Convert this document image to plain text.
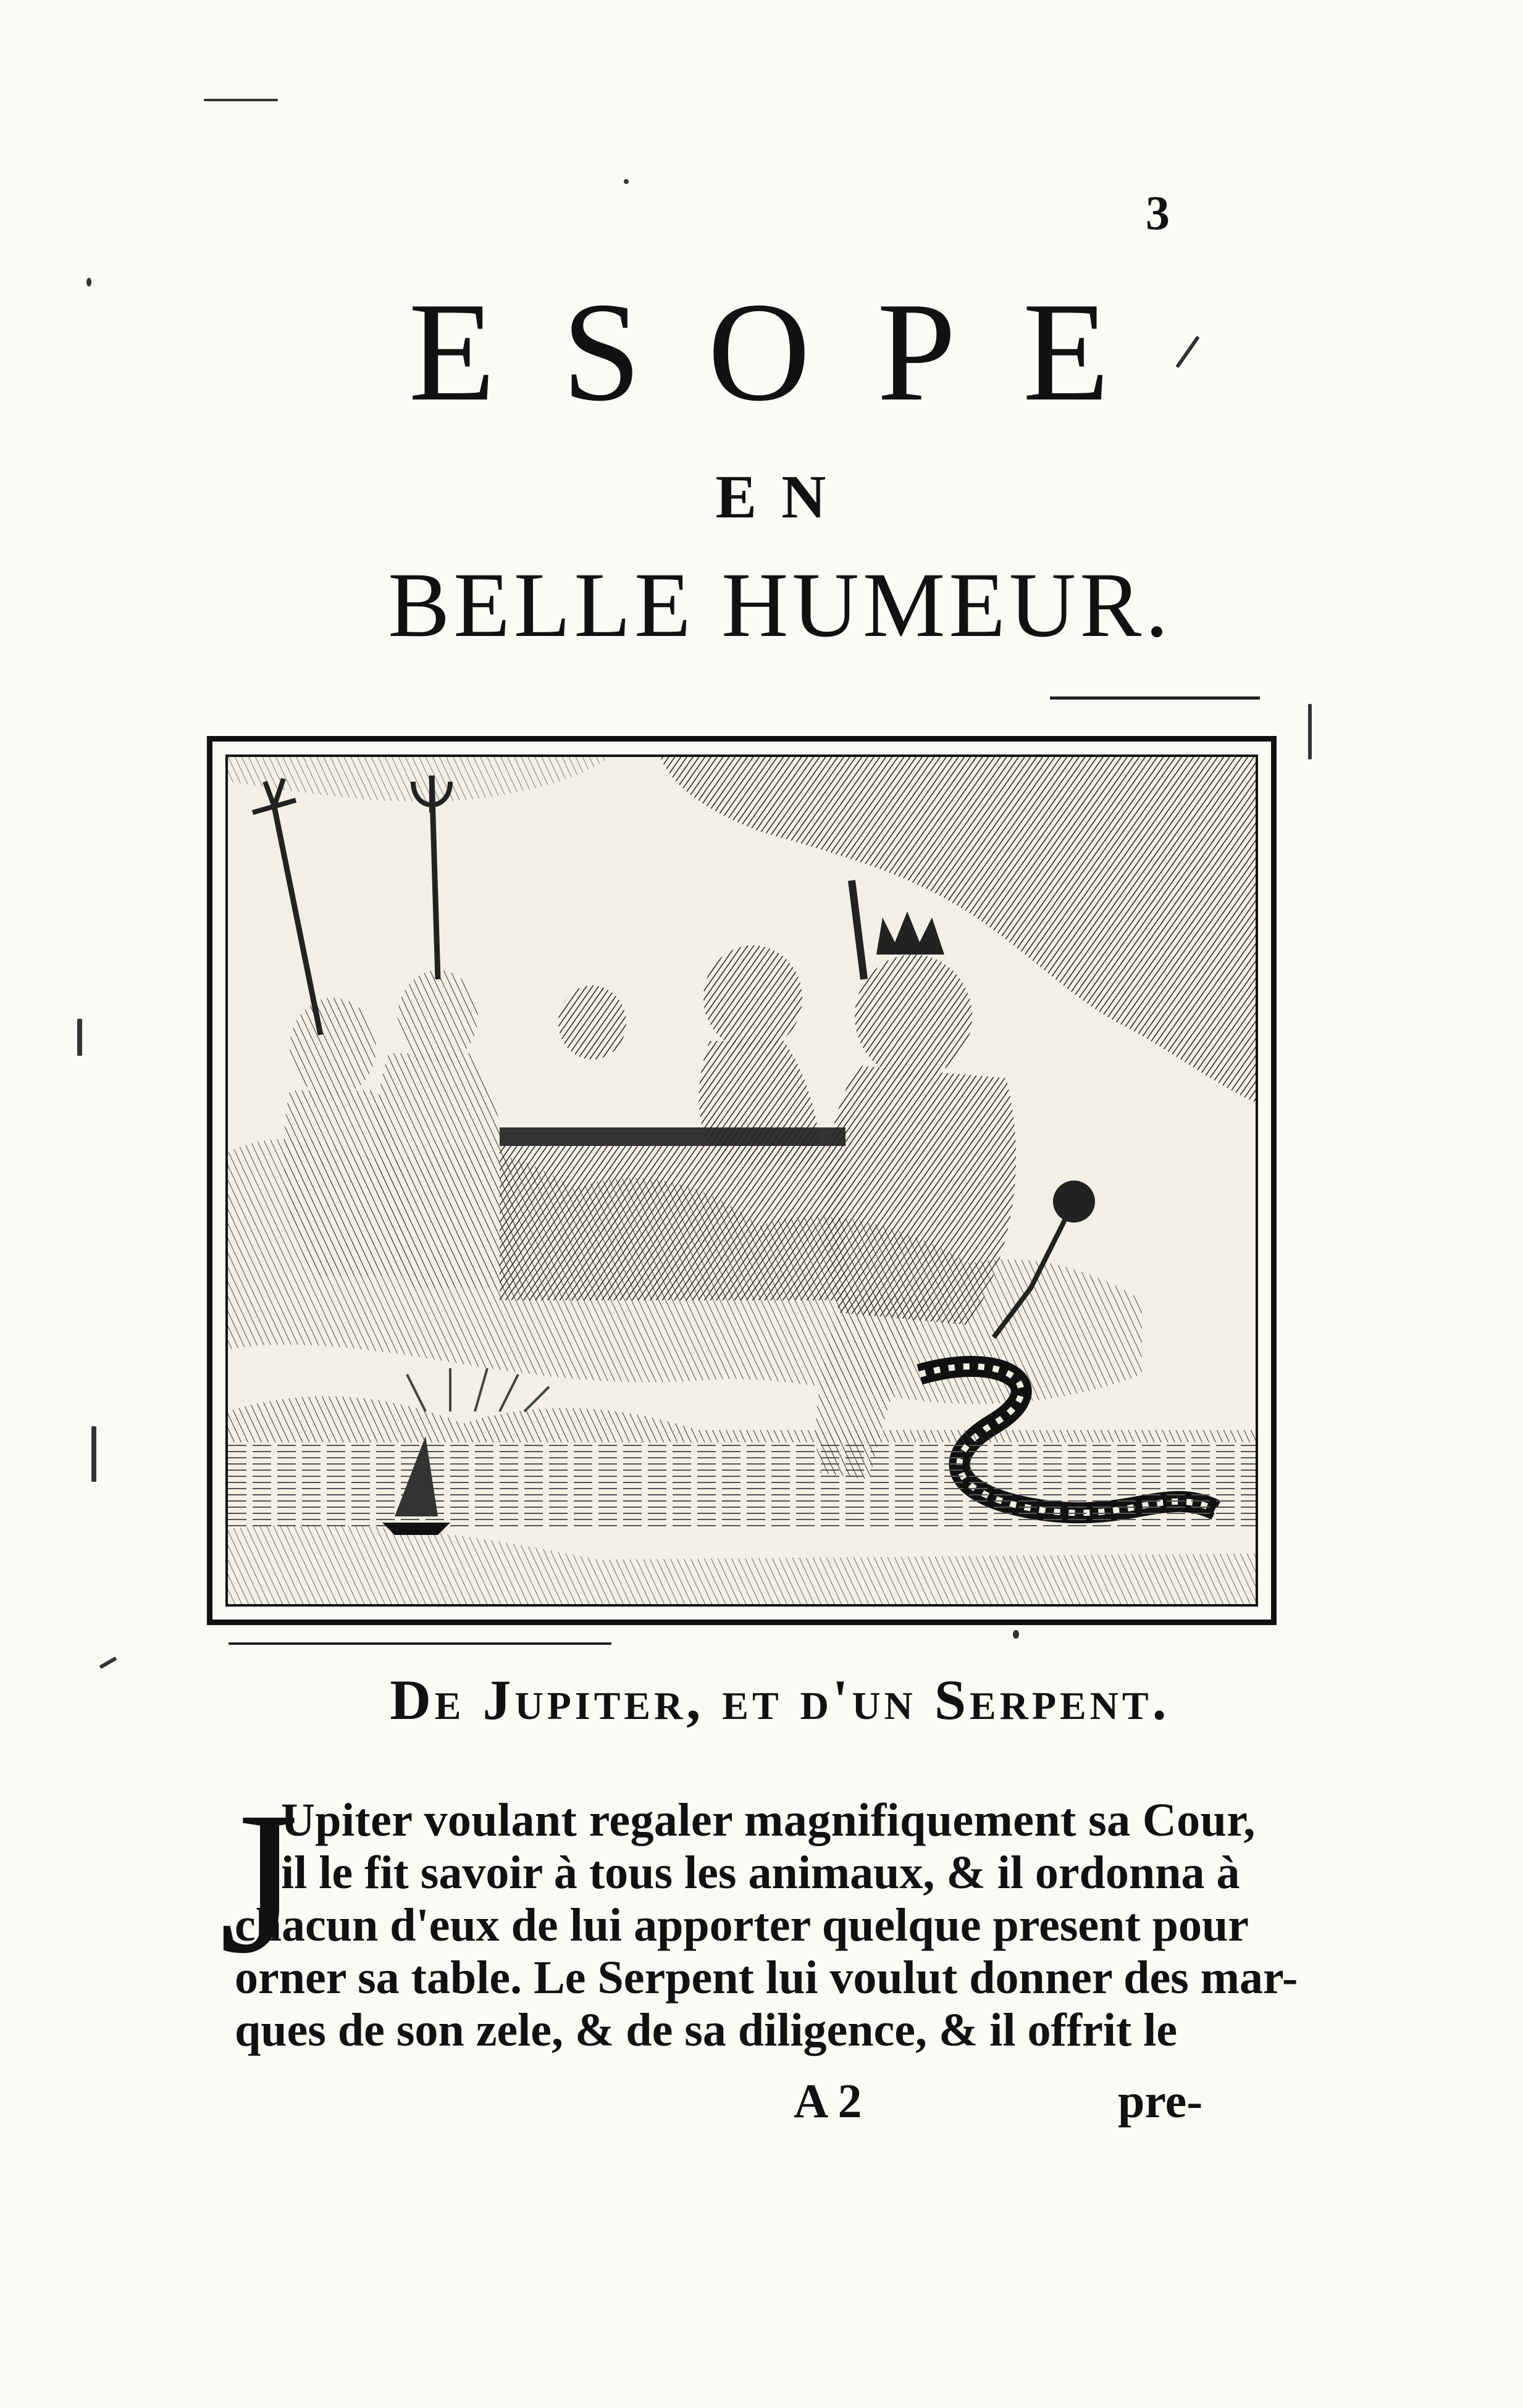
3
ESOPE
EN
BELLE HUMEUR.
De Jupiter, et d'un Serpent.
J
Upiter voulant regaler magnifiquement sa Cour,
il le fit savoir à tous les animaux, & il ordonna à
chacun d'eux de lui apporter quelque present pour
orner sa table. Le Serpent lui voulut donner des mar-
ques de son zele, & de sa diligence, & il offrit le
A 2	pre-
